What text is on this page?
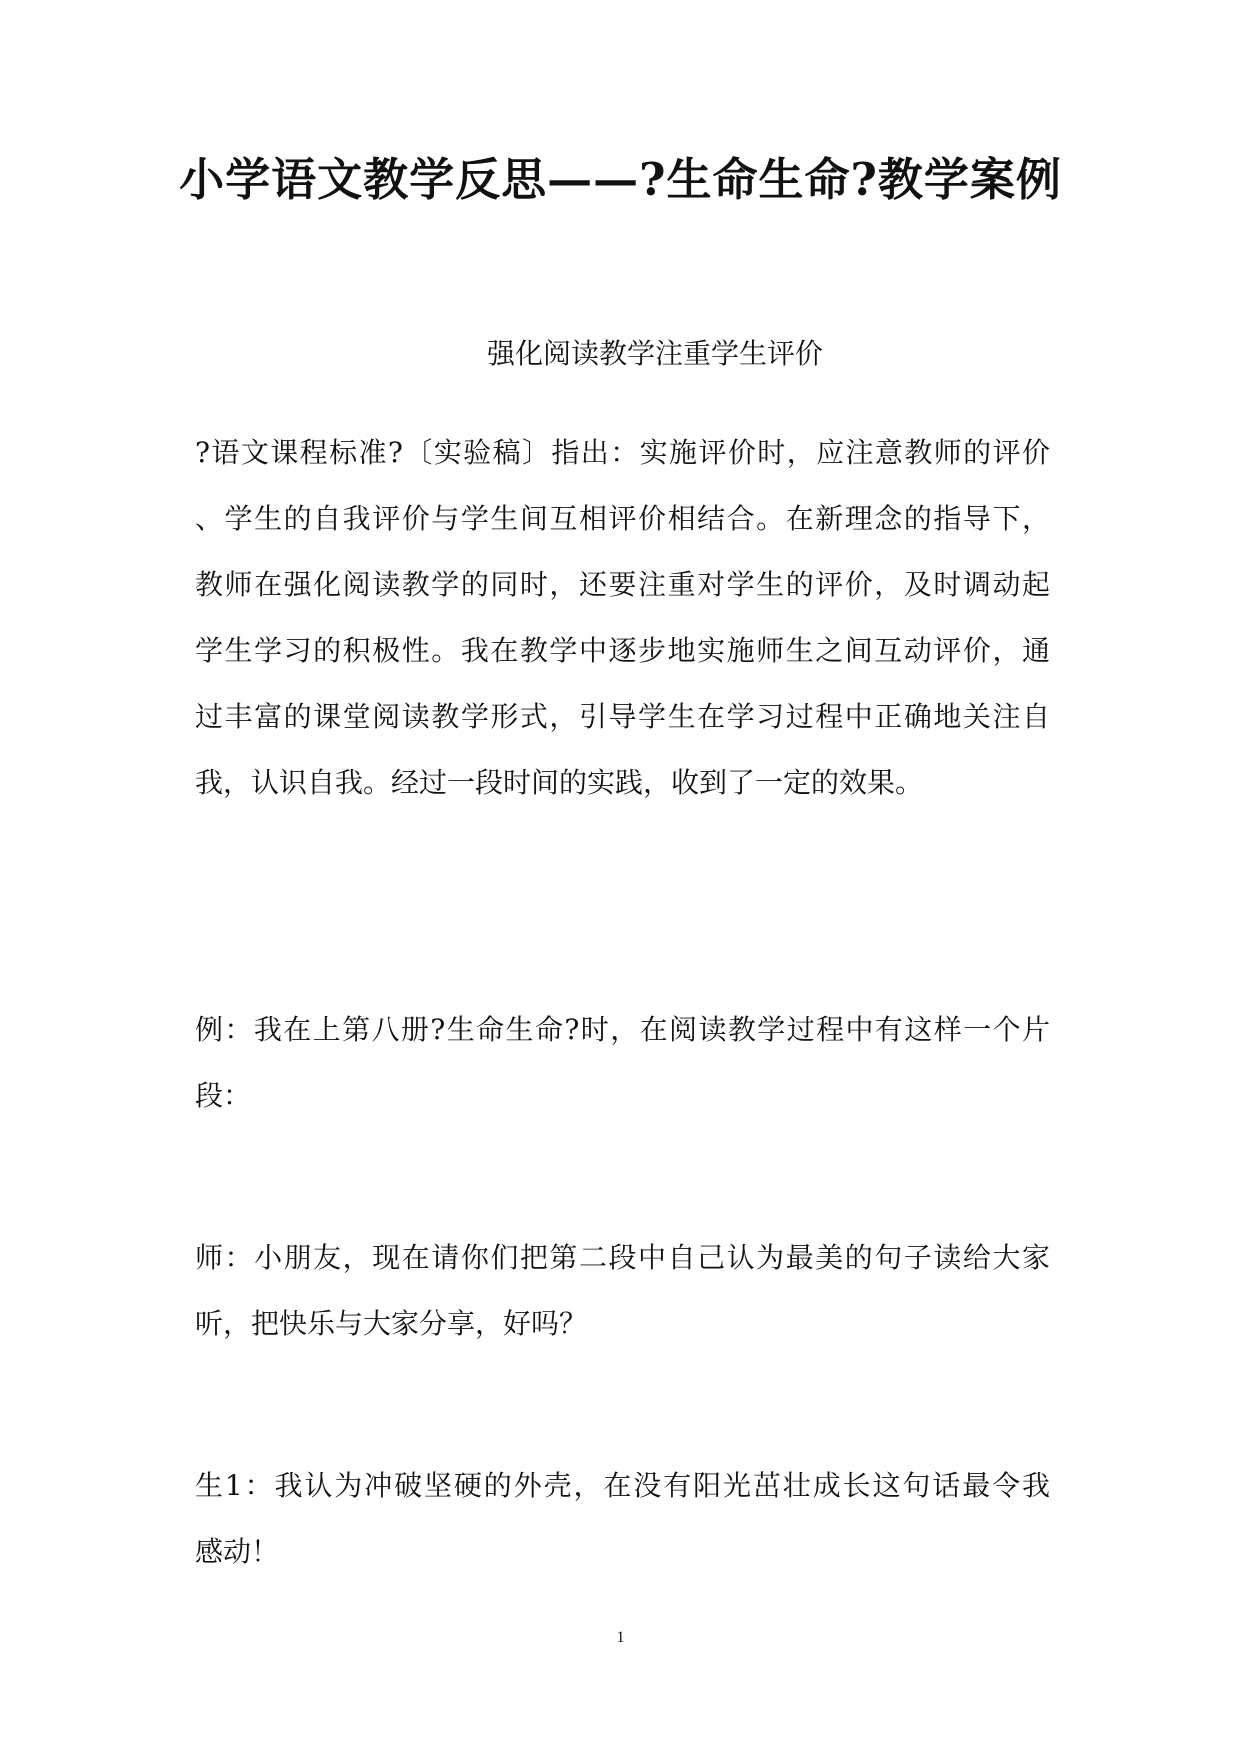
小学语文教学反思——?生命生命?教学案例
强化阅读教学注重学生评价
?语文课程标准?〔实验稿〕指出：实施评价时，应注意教师的评价
、学生的自我评价与学生间互相评价相结合。在新理念的指导下，
教师在强化阅读教学的同时，还要注重对学生的评价，及时调动起
学生学习的积极性。我在教学中逐步地实施师生之间互动评价，通
过丰富的课堂阅读教学形式，引导学生在学习过程中正确地关注自
我，认识自我。经过一段时间的实践，收到了一定的效果。
例：我在上第八册?生命生命?时，在阅读教学过程中有这样一个片
段：
师：小朋友，现在请你们把第二段中自己认为最美的句子读给大家
听，把快乐与大家分享，好吗？
生1：我认为冲破坚硬的外壳，在没有阳光茁壮成长这句话最令我
感动！
1
